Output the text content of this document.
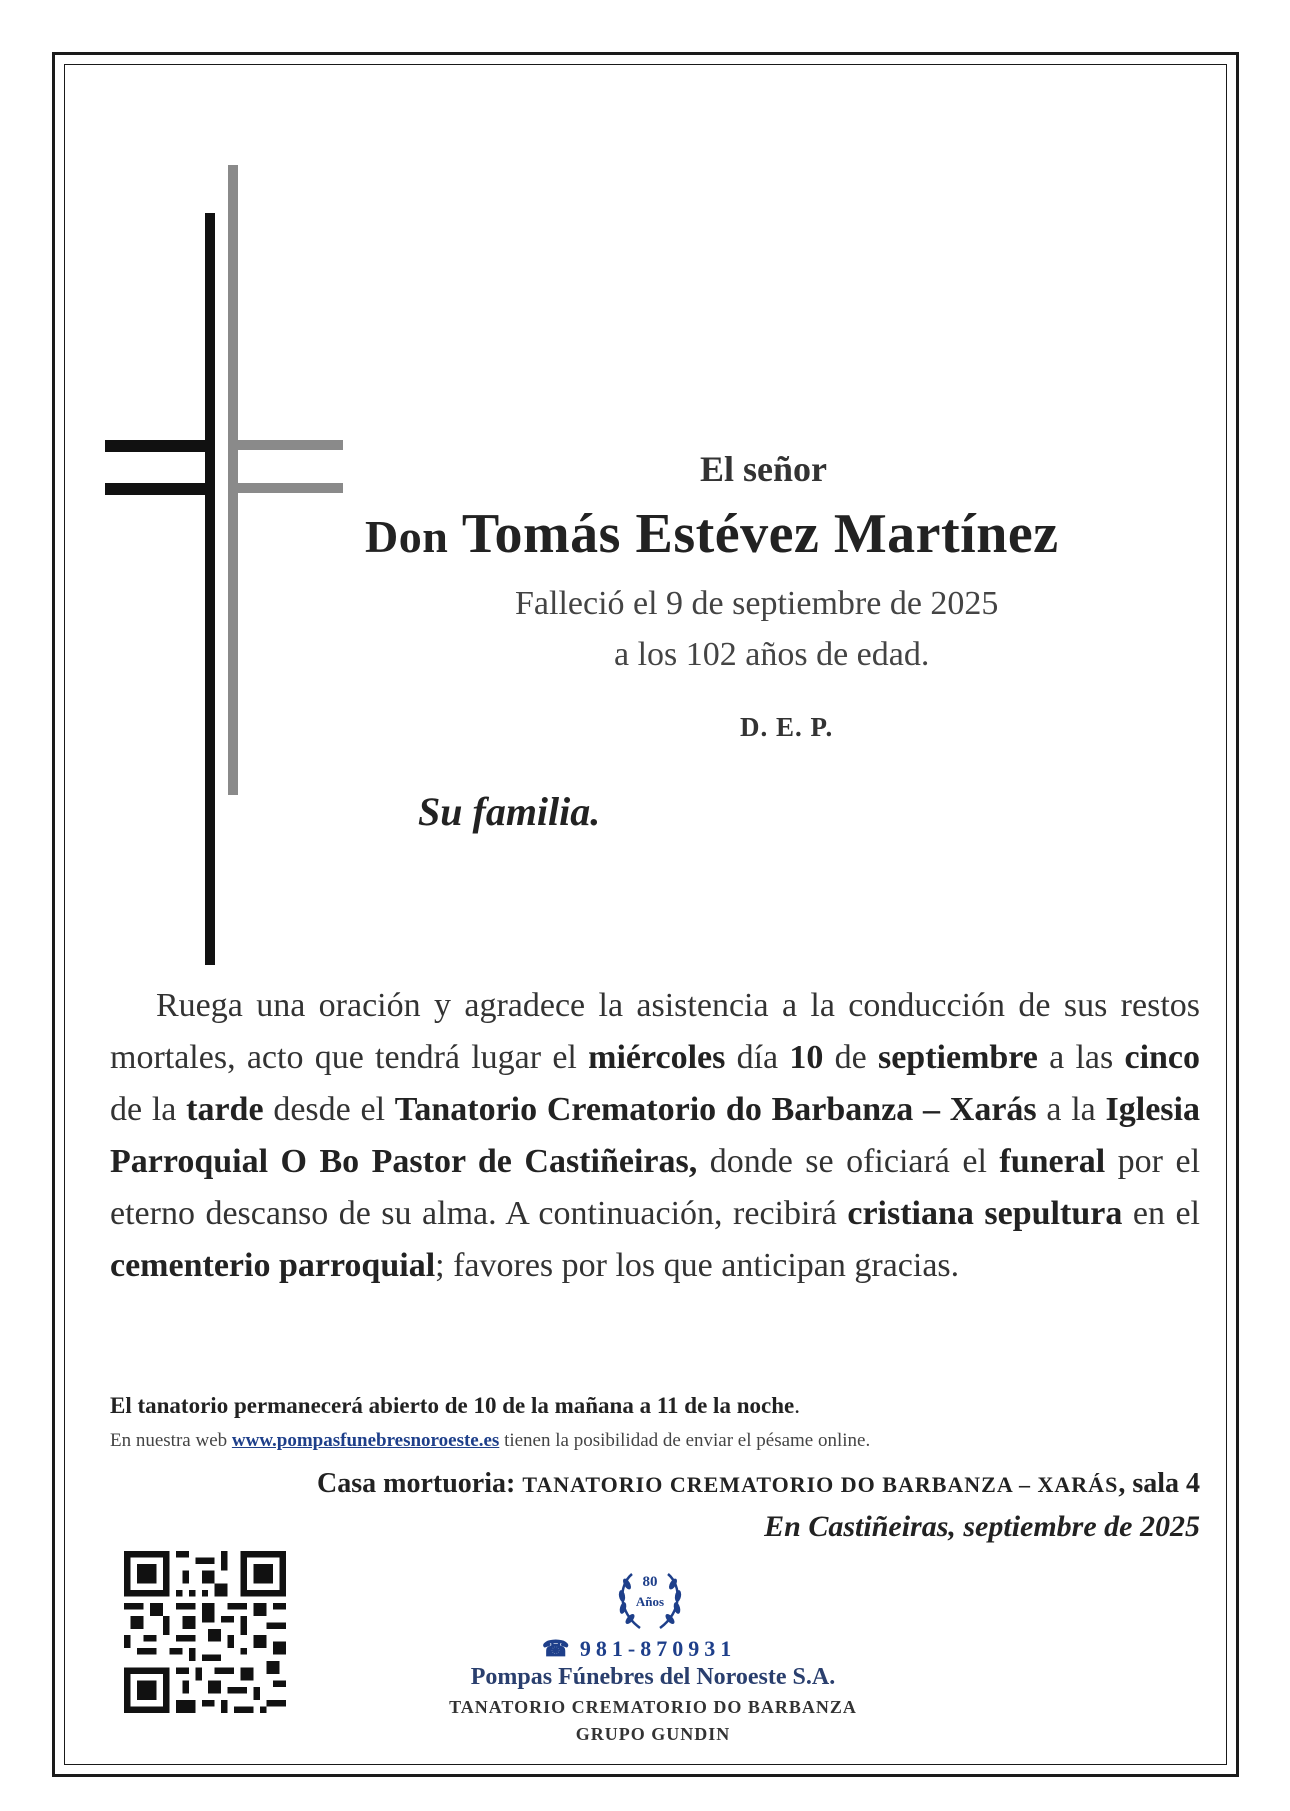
El señor
Don Tomás Estévez Martínez
Falleció el 9 de septiembre de 2025
a los 102 años de edad.
D. E. P.
Su familia.
Ruega una oración y agradece la asistencia a la conducción de sus restos mortales, acto que tendrá lugar el miércoles día 10 de septiembre a las cinco de la tarde desde el Tanatorio Crematorio do Barbanza – Xarás a la Iglesia Parroquial O Bo Pastor de Castiñeiras, donde se oficiará el funeral por el eterno descanso de su alma. A continuación, recibirá cristiana sepultura en el cementerio parroquial; favores por los que anticipan gracias.
El tanatorio permanecerá abierto de 10 de la mañana a 11 de la noche.
En nuestra web www.pompasfunebresnoroeste.es tienen la posibilidad de enviar el pésame online.
Casa mortuoria: TANATORIO CREMATORIO DO BARBANZA – XARÁS, sala 4
En Castiñeiras, septiembre de 2025
80
Años
☎ 981-870931
Pompas Fúnebres del Noroeste S.A.
TANATORIO CREMATORIO DO BARBANZA
GRUPO GUNDIN
